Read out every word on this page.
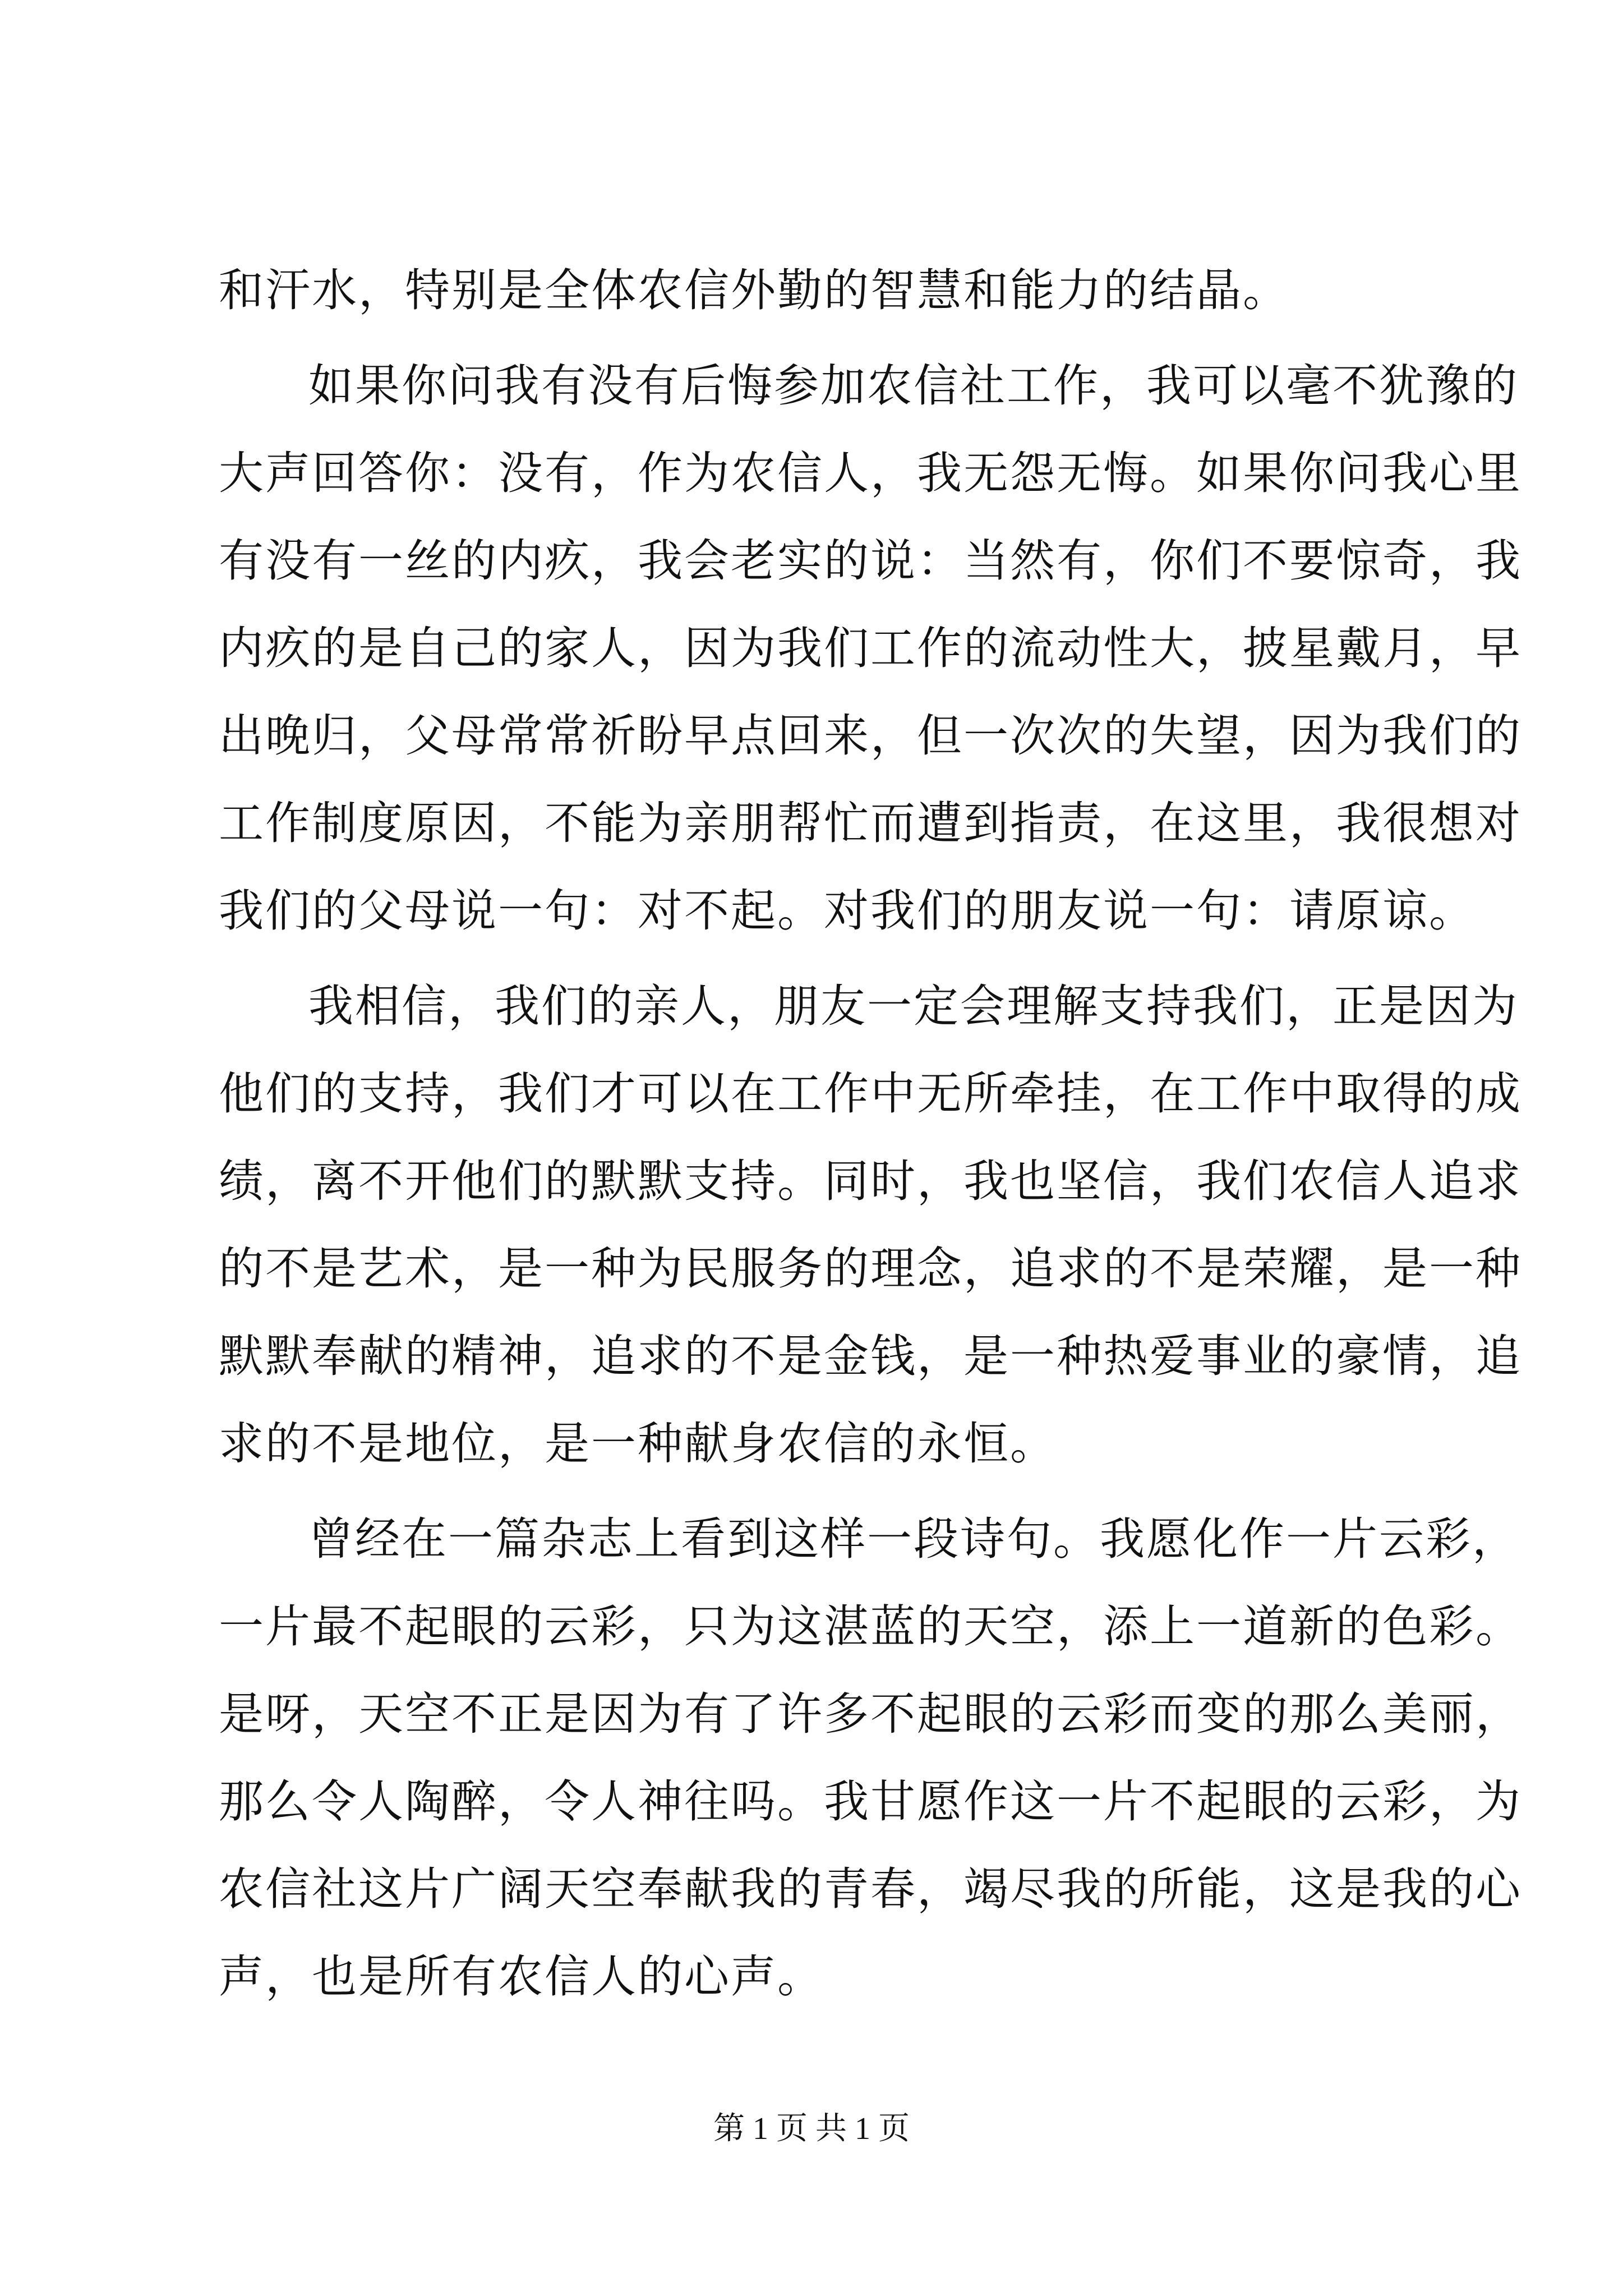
和汗水，特别是全体农信外勤的智慧和能力的结晶。
如果你问我有没有后悔参加农信社工作，我可以毫不犹豫的
大声回答你：没有，作为农信人，我无怨无悔。如果你问我心里
有没有一丝的内疚，我会老实的说：当然有，你们不要惊奇，我
内疚的是自己的家人，因为我们工作的流动性大，披星戴月，早
出晚归，父母常常祈盼早点回来，但一次次的失望，因为我们的
工作制度原因，不能为亲朋帮忙而遭到指责，在这里，我很想对
我们的父母说一句：对不起。对我们的朋友说一句：请原谅。
我相信，我们的亲人，朋友一定会理解支持我们，正是因为
他们的支持，我们才可以在工作中无所牵挂，在工作中取得的成
绩，离不开他们的默默支持。同时，我也坚信，我们农信人追求
的不是艺术，是一种为民服务的理念，追求的不是荣耀，是一种
默默奉献的精神，追求的不是金钱，是一种热爱事业的豪情，追
求的不是地位，是一种献身农信的永恒。
曾经在一篇杂志上看到这样一段诗句。我愿化作一片云彩，
一片最不起眼的云彩，只为这湛蓝的天空，添上一道新的色彩。
是呀，天空不正是因为有了许多不起眼的云彩而变的那么美丽，
那么令人陶醉，令人神往吗。我甘愿作这一片不起眼的云彩，为
农信社这片广阔天空奉献我的青春，竭尽我的所能，这是我的心
声，也是所有农信人的心声。
第 1 页 共 1 页
